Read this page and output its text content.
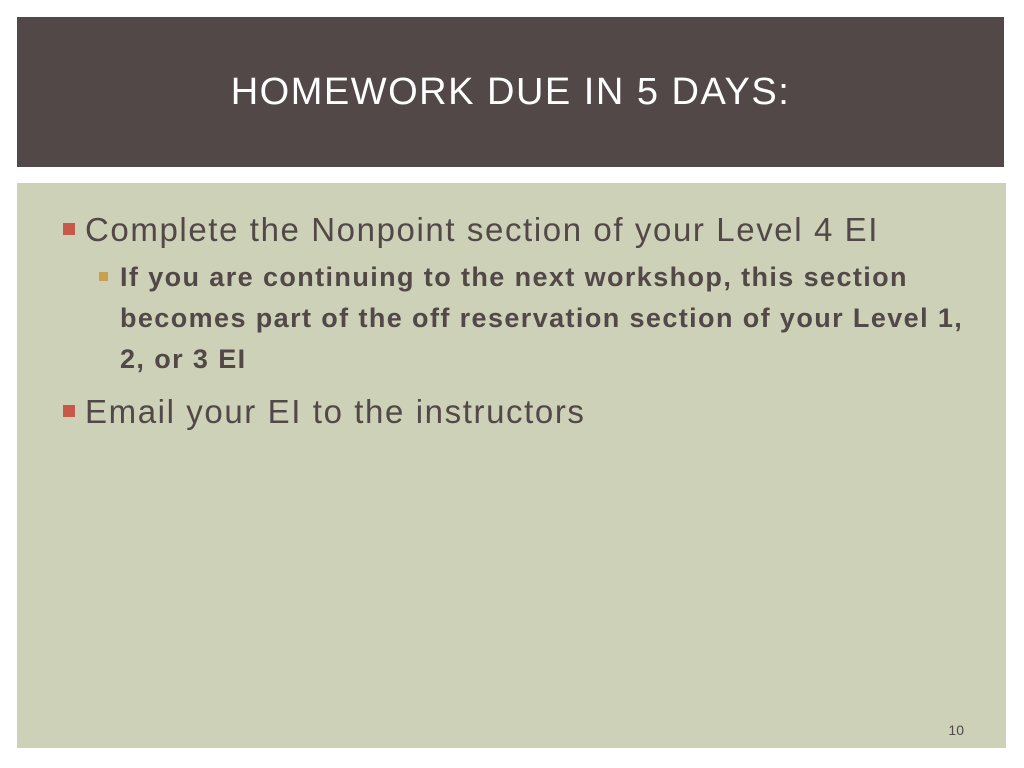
HOMEWORK DUE IN 5 DAYS:
Complete the Nonpoint section of your Level 4 EI
If you are continuing to the next workshop, this section becomes part of the off reservation section of your Level 1, 2, or 3 EI
Email your EI to the instructors
10
